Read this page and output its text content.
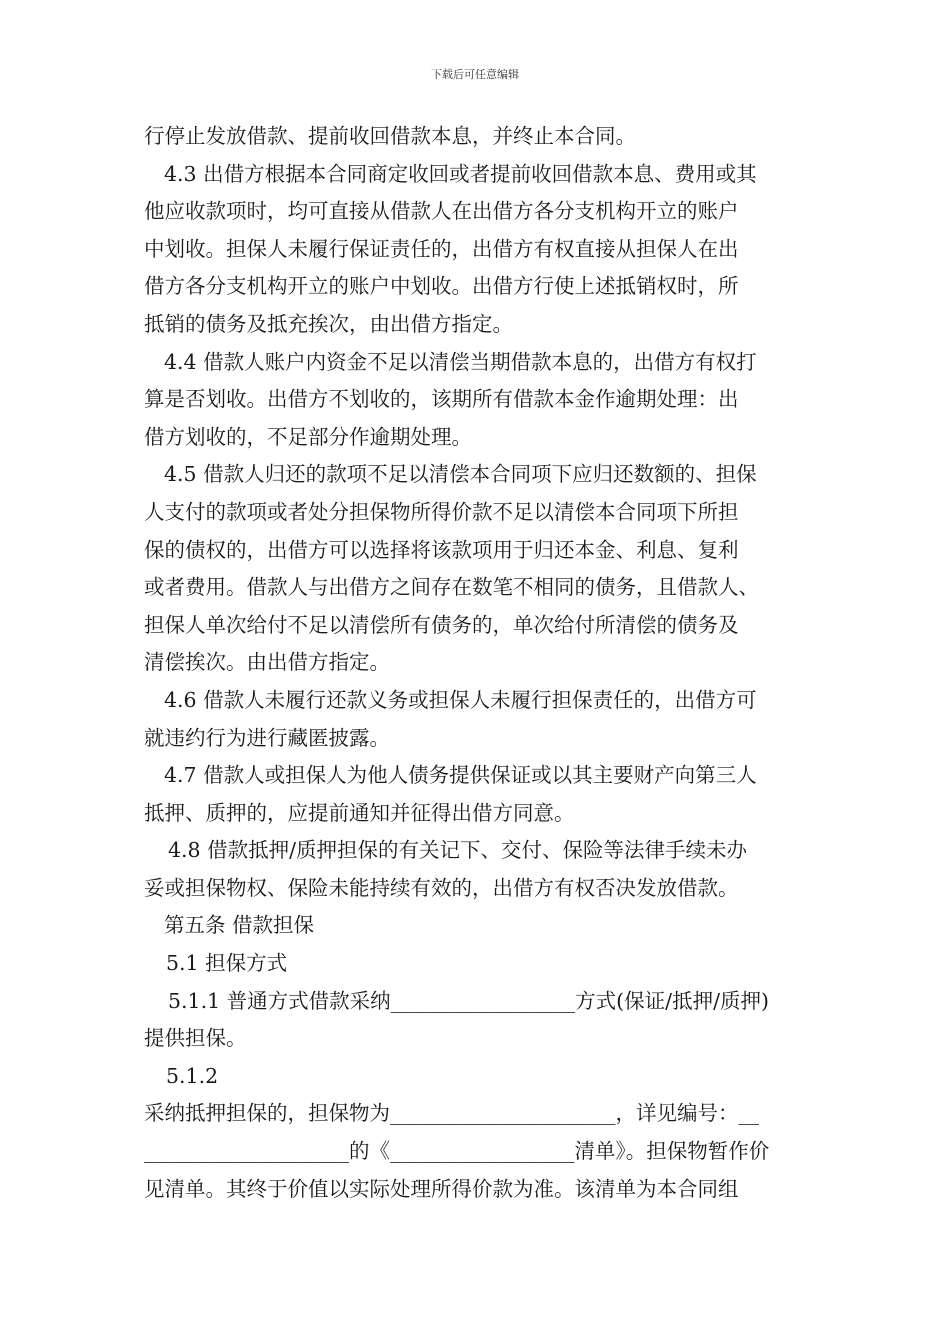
下载后可任意编辑
行停止发放借款、提前收回借款本息，并终止本合同。
4.3 出借方根据本合同商定收回或者提前收回借款本息、费用或其
他应收款项时，均可直接从借款人在出借方各分支机构开立的账户
中划收。担保人未履行保证责任的，出借方有权直接从担保人在出
借方各分支机构开立的账户中划收。出借方行使上述抵销权时，所
抵销的债务及抵充挨次，由出借方指定。
4.4 借款人账户内资金不足以清偿当期借款本息的，出借方有权打
算是否划收。出借方不划收的，该期所有借款本金作逾期处理：出
借方划收的，不足部分作逾期处理。
4.5 借款人归还的款项不足以清偿本合同项下应归还数额的、担保
人支付的款项或者处分担保物所得价款不足以清偿本合同项下所担
保的债权的，出借方可以选择将该款项用于归还本金、利息、复利
或者费用。借款人与出借方之间存在数笔不相同的债务，且借款人、
担保人单次给付不足以清偿所有债务的，单次给付所清偿的债务及
清偿挨次。由出借方指定。
4.6 借款人未履行还款义务或担保人未履行担保责任的，出借方可
就违约行为进行藏匿披露。
4.7 借款人或担保人为他人债务提供保证或以其主要财产向第三人
抵押、质押的，应提前通知并征得出借方同意。
4.8 借款抵押/质押担保的有关记下、交付、保险等法律手续未办
妥或担保物权、保险未能持续有效的，出借方有权否决发放借款。
第五条 借款担保
5.1 担保方式
5.1.1 普通方式借款采纳__________________方式(保证/抵押/质押)
提供担保。
5.1.2
采纳抵押担保的，担保物为______________________，详见编号：__
____________________的《__________________清单》。担保物暂作价
见清单。其终于价值以实际处理所得价款为准。该清单为本合同组
